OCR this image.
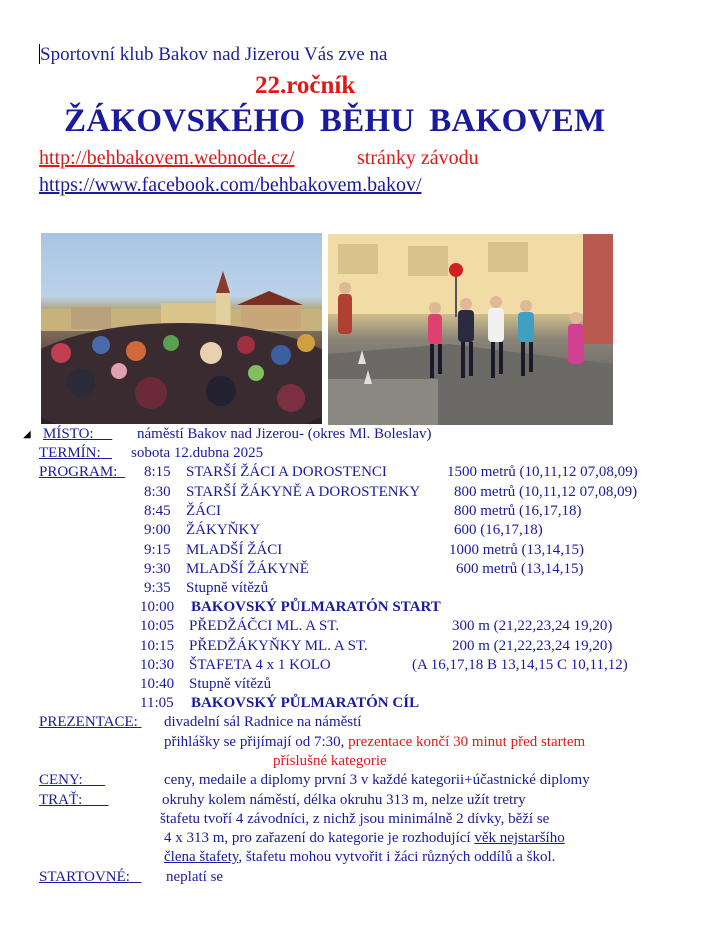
Sportovní klub Bakov nad Jizerou Vás zve na
22.ročník
ŽÁKOVSKÉHO BĚHU BAKOVEM
http://behbakovem.webnode.cz/	stránky závodu
https://www.facebook.com/behbakovem.bakov/
◢ MÍSTO:	náměstí Bakov nad Jizerou- (okres Ml. Boleslav)
TERMÍN:	sobota 12.dubna 2025
PROGRAM:	8:15 STARŠÍ ŽÁCI A DOROSTENCI	1500 metrů (10,11,12 07,08,09)
8:30 STARŠÍ ŽÁKYNĚ A DOROSTENKY 800 metrů (10,11,12 07,08,09)
8:45 ŽÁCI	800 metrů (16,17,18)
9:00 ŽÁKYŇKY	600 (16,17,18)
9:15 MLADŠÍ ŽÁCI	1000 metrů (13,14,15)
9:30 MLADŠÍ ŽÁKYNĚ	600 metrů (13,14,15)
9:35 Stupně vítězů
10:00 BAKOVSKÝ PŮLMARATÓN START
10:05 PŘEDŽÁČCI ML. A ST.	300 m (21,22,23,24 19,20)
10:15 PŘEDŽÁKYŇKY ML. A ST.	200 m (21,22,23,24 19,20)
10:30 ŠTAFETA 4 x 1 KOLO	(A 16,17,18 B 13,14,15 C 10,11,12)
10:40 Stupně vítězů
11:05 BAKOVSKÝ PŮLMARATÓN CÍL
PREZENTACE: divadelní sál Radnice na náměstí
přihlášky se přijímají od 7:30, prezentace končí 30 minut před startem
příslušné kategorie
CENY:	ceny, medaile a diplomy první 3 v každé kategorii+účastnické diplomy
TRAŤ:	okruhy kolem náměstí, délka okruhu 313 m, nelze užít tretry
štafetu tvoří 4 závodníci, z nichž jsou minimálně 2 dívky, běží se
4 x 313 m, pro zařazení do kategorie je rozhodující věk nejstaršího
člena štafety, štafetu mohou vytvořit i žáci různých oddílů a škol.
STARTOVNÉ:	neplatí se
